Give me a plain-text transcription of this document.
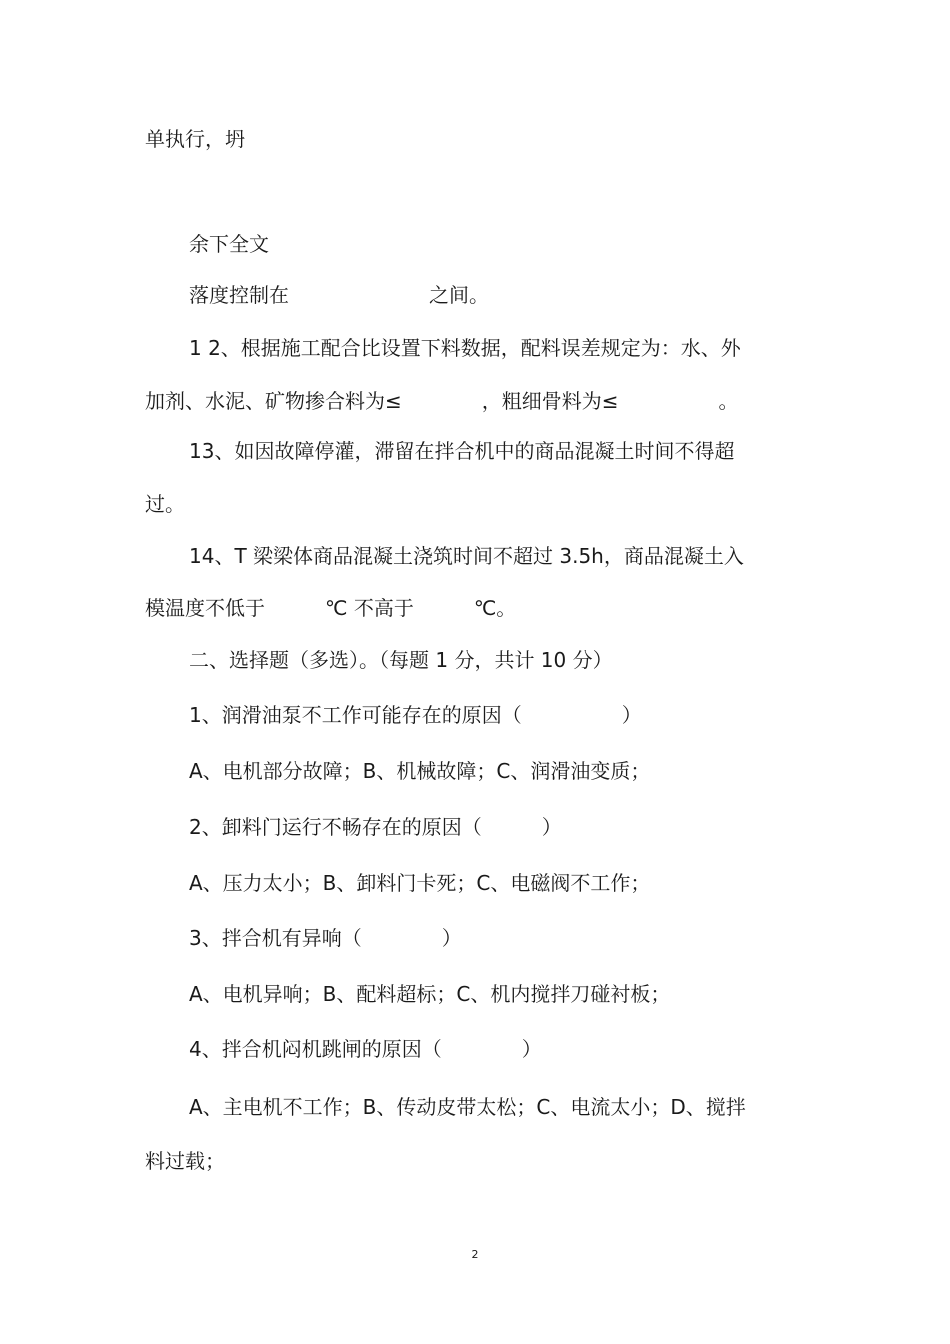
单执行，坍
余下全文
落度控制在　　　　　　　之间。
1 2、根据施工配合比设置下料数据，配料误差规定为：水、外
加剂、水泥、矿物掺合料为≤　　　　，粗细骨料为≤　　　　　。
13、如因故障停灌，滞留在拌合机中的商品混凝土时间不得超
过。
14、T 梁梁体商品混凝土浇筑时间不超过 3.5h，商品混凝土入
模温度不低于　　　℃ 不高于　　　℃。
二、选择题（多选）。（每题 1 分，共计 10 分）
1、润滑油泵不工作可能存在的原因（　　　　　）
A、电机部分故障；B、机械故障；C、润滑油变质；
2、卸料门运行不畅存在的原因（　　　）
A、压力太小；B、卸料门卡死；C、电磁阀不工作；
3、拌合机有异响（　　　　）
A、电机异响；B、配料超标；C、机内搅拌刀碰衬板；
4、拌合机闷机跳闸的原因（　　　　）
A、主电机不工作；B、传动皮带太松；C、电流太小；D、搅拌
料过载；
2
